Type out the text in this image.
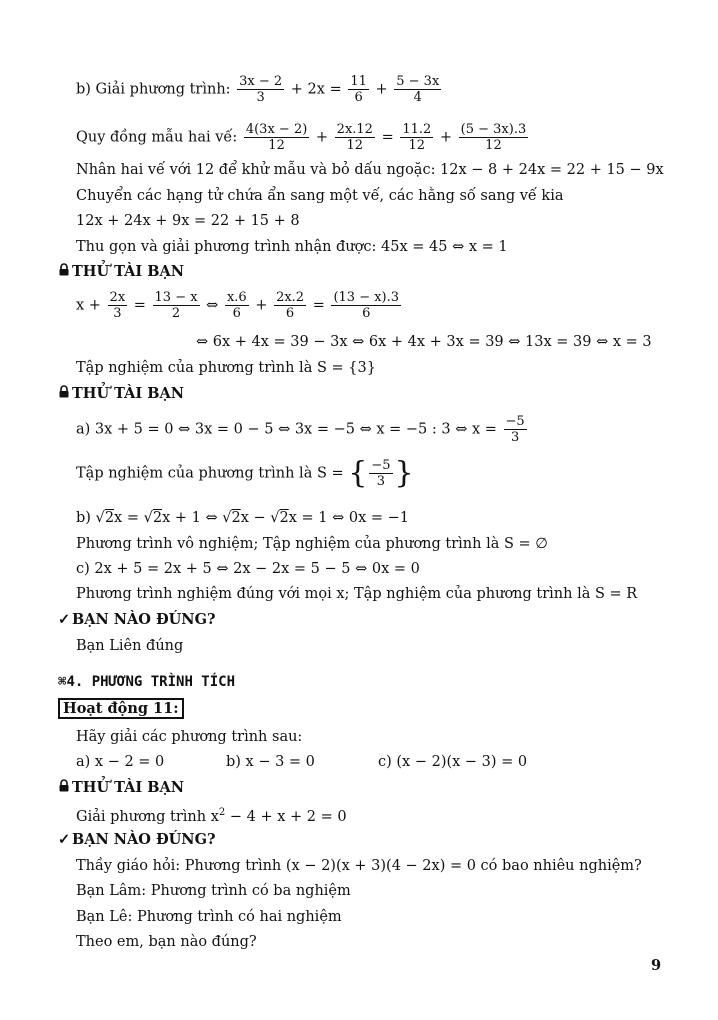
b) Giải phương trình: $\frac{3x - 2}{3} + 2x = \frac{11}{6} + \frac{5 - 3x}{4}$
Quy đồng mẫu hai vế: $\frac{4(3x - 2)}{12} + \frac{2x.12}{12} = \frac{11.2}{12} + \frac{(5 - 3x).3}{12}$
Nhân hai vế với 12 để khử mẫu và bỏ dấu ngoặc: 12x − 8 + 24x = 22 + 15 − 9x
Chuyển các hạng tử chứa ẩn sang một vế, các hằng số sang vế kia
12x + 24x + 9x = 22 + 15 + 8
Thu gọn và giải phương trình nhận được: 45x = 45 ⇔ x = 1
THỬ TÀI BẠN
$x + \frac{2x}{3} = \frac{13 - x}{2}$ ⇔ $\frac{x.6}{6} + \frac{2x.2}{6} = \frac{(13 - x).3}{6}$
⇔ 6x + 4x = 39 − 3x ⇔ 6x + 4x + 3x = 39 ⇔ 13x = 39 ⇔ x = 3
Tập nghiệm của phương trình là S = {3}
THỬ TÀI BẠN
a) 3x + 5 = 0 ⇔ 3x = 0 − 5 ⇔ 3x = −5 ⇔ x = −5 : 3 ⇔ $x = \frac{-5}{3}$
Tập nghiệm của phương trình là S = { $\frac{-5}{3}$ }
b) √2x = √2x + 1 ⇔ √2x − √2x = 1 ⇔ 0x = −1
Phương trình vô nghiệm; Tập nghiệm của phương trình là S = ∅
c) 2x + 5 = 2x + 5 ⇔ 2x − 2x = 5 − 5 ⇔ 0x = 0
Phương trình nghiệm đúng với mọi x; Tập nghiệm của phương trình là S = R
✓ BẠN NÀO ĐÚNG?
Bạn Liên đúng
⌘4. PHƯƠNG TRÌNH TÍCH
Hoạt động 11:
Hãy giải các phương trình sau:
a) x − 2 = 0	b) x − 3 = 0	c) (x − 2)(x − 3) = 0
THỬ TÀI BẠN
Giải phương trình $x^2 - 4 + x + 2 = 0$
✓ BẠN NÀO ĐÚNG?
Thầy giáo hỏi: Phương trình (x − 2)(x + 3)(4 − 2x) = 0 có bao nhiêu nghiệm?
Bạn Lâm: Phương trình có ba nghiệm
Bạn Lê: Phương trình có hai nghiệm
Theo em, bạn nào đúng?
9
